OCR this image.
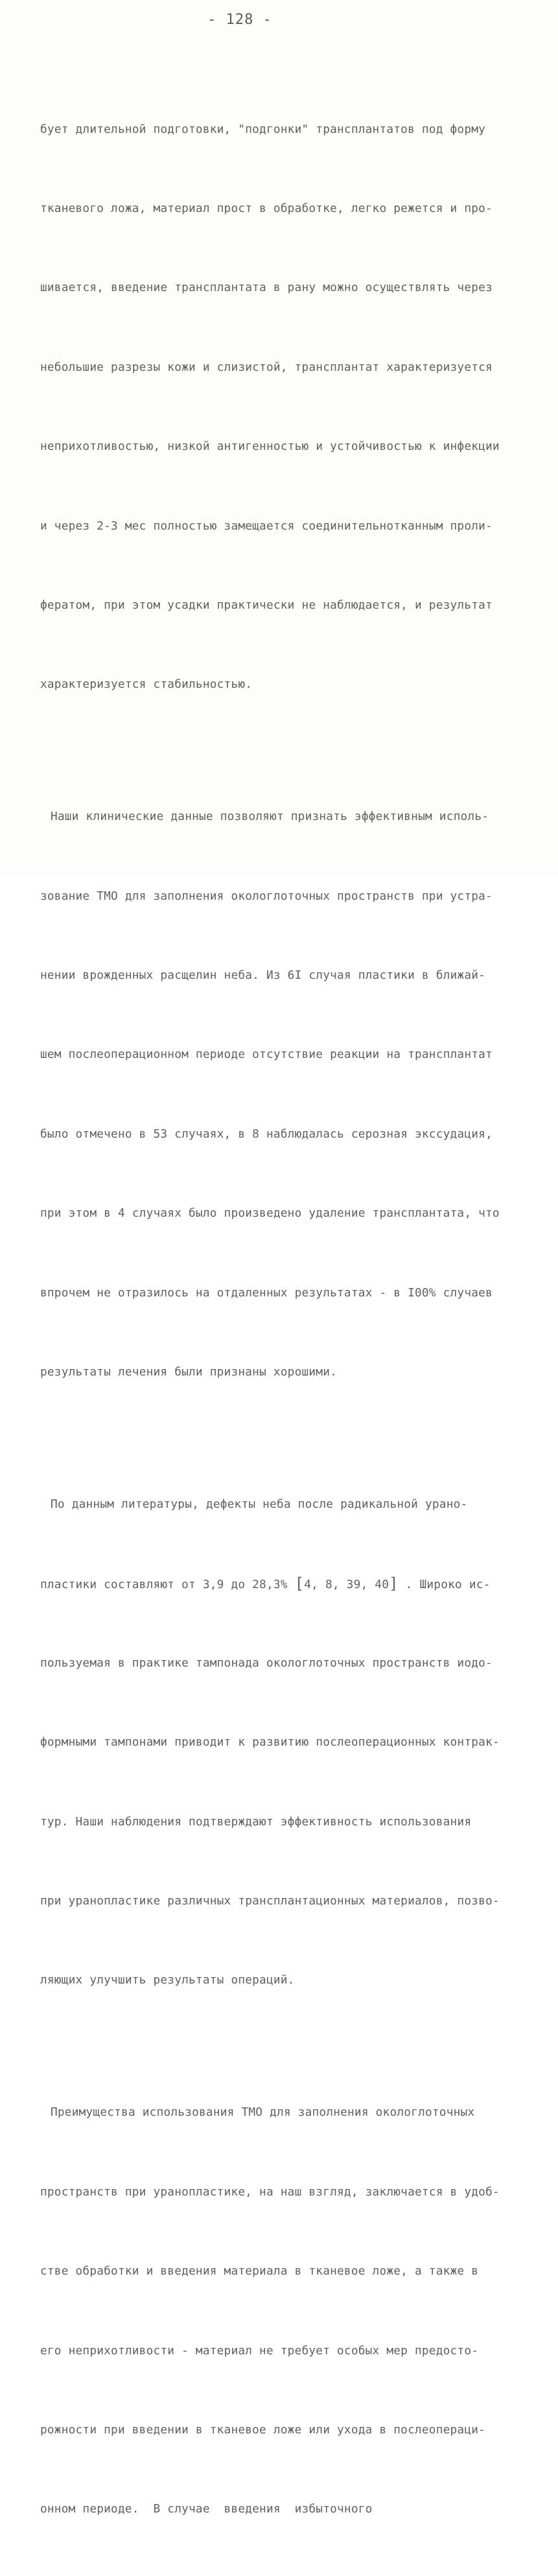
- 128 -

бует длительной подготовки, "подгонки" трансплантатов под форму

тканевого ложа, материал прост в обработке, легко режется и про-

шивается, введение трансплантата в рану можно осуществлять через

небольшие разрезы кожи и слизистой, трансплантат характеризуется

неприхотливостью, низкой антигенностью и устойчивостью к инфекции

и через 2-3 мес полностью замещается соединительнотканным проли-

фератом, при этом усадки практически не наблюдается, и результат

характеризуется стабильностью.

Наши клинические данные позволяют признать эффективным исполь-

зование ТМО для заполнения окологлоточных пространств при устра-

нении врожденных расщелин неба. Из 6I случая пластики в ближай-

шем послеоперационном периоде отсутствие реакции на трансплантат

было отмечено в 53 случаях, в 8 наблюдалась серозная экссудация,

при этом в 4 случаях было произведено удаление трансплантата, что

впрочем не отразилось на отдаленных результатах - в I00% случаев

результаты лечения были признаны хорошими.

По данным литературы, дефекты неба после радикальной урано-

пластики составляют от 3,9 до 28,3% [4, 8, 39, 40] . Широко ис-

пользуемая в практике тампонада окологлоточных пространств иодо-

формными тампонами приводит к развитию послеоперационных контрак-

тур. Наши наблюдения подтверждают эффективность использования

при уранопластике различных трансплантационных материалов, позво-

ляющих улучшить результаты операций.

Преимущества использования ТМО для заполнения окологлоточных

пространств при уранопластике, на наш взгляд, заключается в удоб-

стве обработки и введения материала в тканевое ложе, а также в

его неприхотливости - материал не требует особых мер предосто-

рожности при введении в тканевое ложе или ухода в послеопераци-

онном периоде.  В случае  введения  избыточного
